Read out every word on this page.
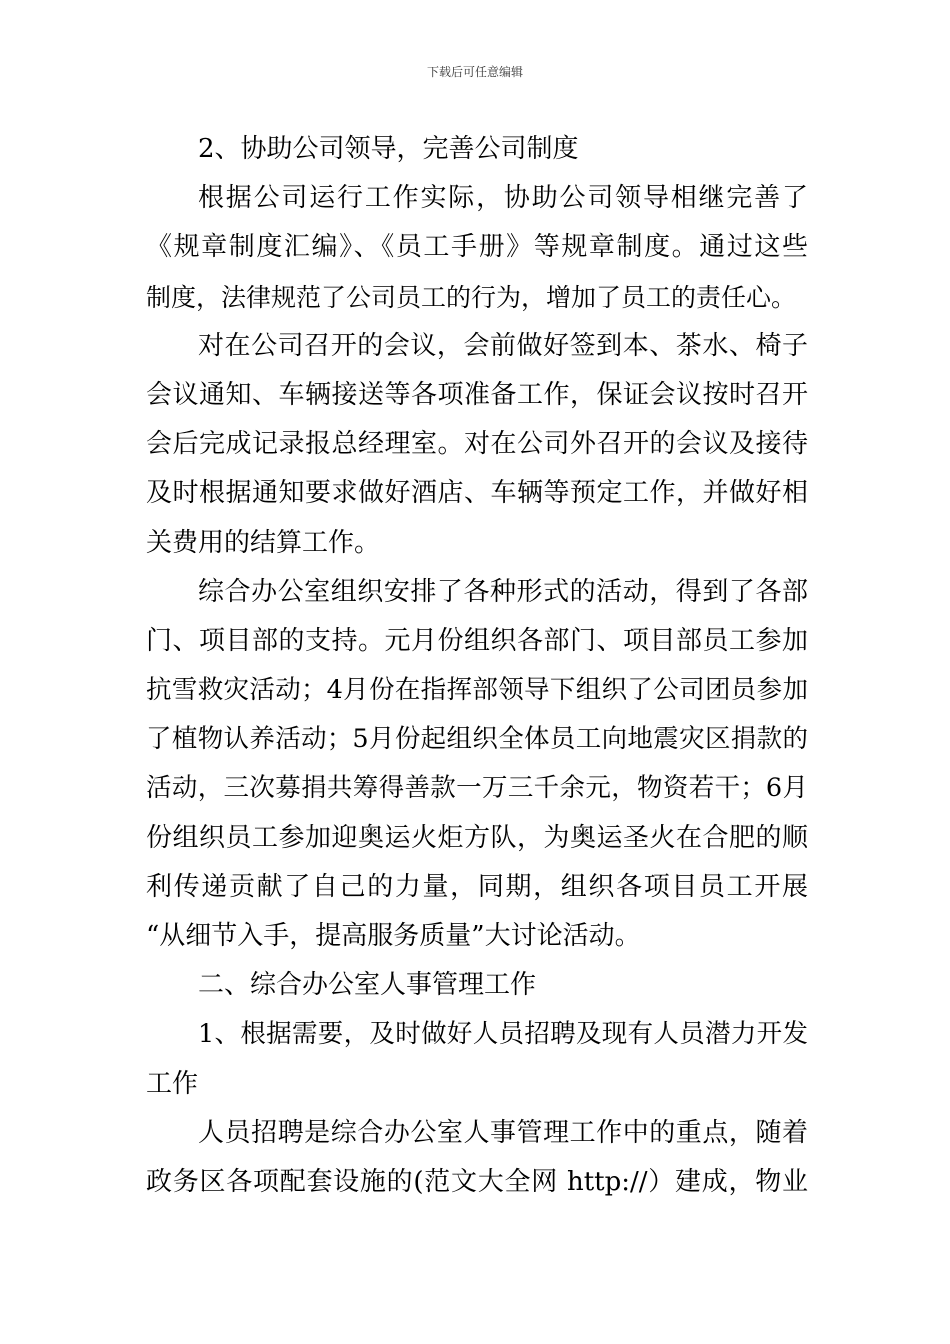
下载后可任意编辑
2、协助公司领导，完善公司制度
根据公司运行工作实际，协助公司领导相继完善了
《规章制度汇编》、《员工手册》等规章制度。通过这些
制度，法律规范了公司员工的行为，增加了员工的责任心。
对在公司召开的会议，会前做好签到本、茶水、椅子
会议通知、车辆接送等各项准备工作，保证会议按时召开
会后完成记录报总经理室。对在公司外召开的会议及接待
及时根据通知要求做好酒店、车辆等预定工作，并做好相
关费用的结算工作。
综合办公室组织安排了各种形式的活动，得到了各部
门、项目部的支持。元月份组织各部门、项目部员工参加
抗雪救灾活动；4月份在指挥部领导下组织了公司团员参加
了植物认养活动；5月份起组织全体员工向地震灾区捐款的
活动，三次募捐共筹得善款一万三千余元，物资若干；6月
份组织员工参加迎奥运火炬方队，为奥运圣火在合肥的顺
利传递贡献了自己的力量，同期，组织各项目员工开展
“从细节入手，提高服务质量”大讨论活动。
二、综合办公室人事管理工作
1、根据需要，及时做好人员招聘及现有人员潜力开发
工作
人员招聘是综合办公室人事管理工作中的重点，随着
政务区各项配套设施的(范文大全网 http://）建成，物业
